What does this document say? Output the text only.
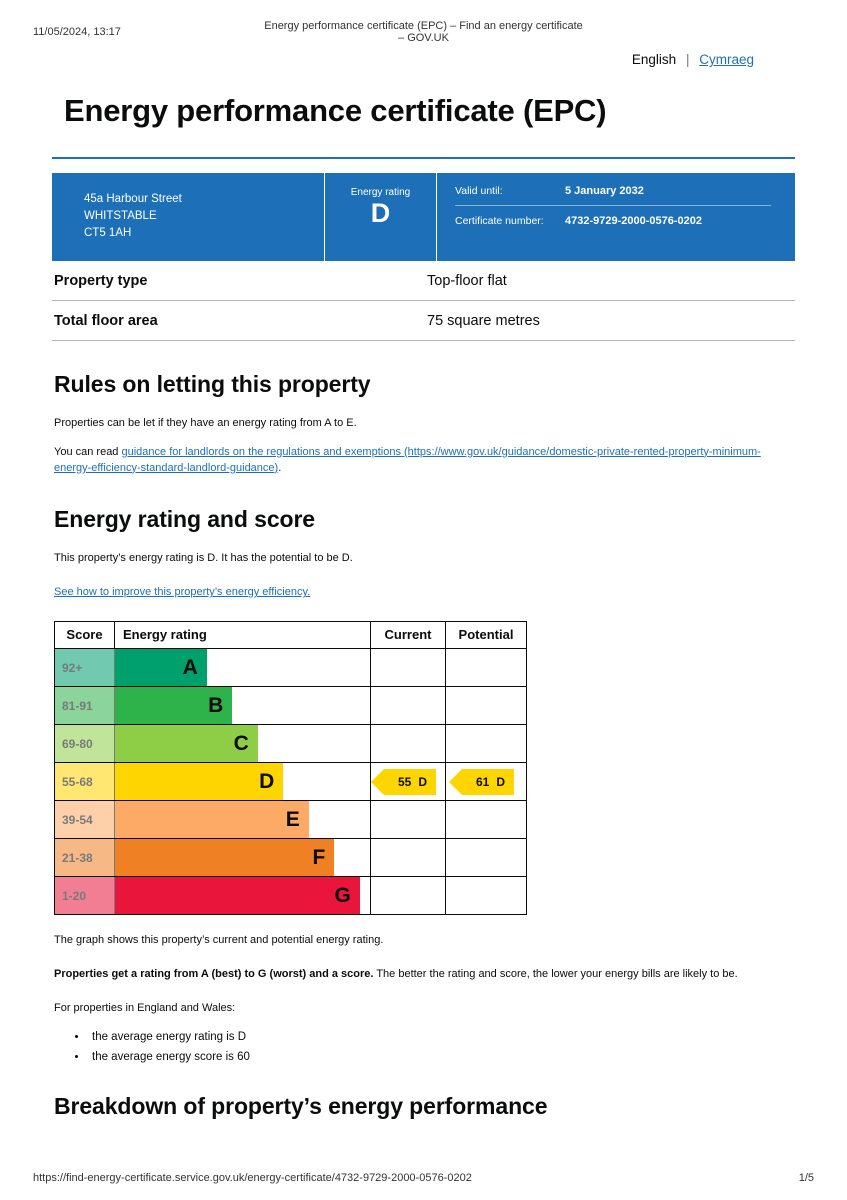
11/05/2024, 13:17	Energy performance certificate (EPC) – Find an energy certificate – GOV.UK
English | Cymraeg
Energy performance certificate (EPC)
45a Harbour Street
WHITSTABLE
CT5 1AH
Energy rating
D
Valid until:	5 January 2032
Certificate number:	4732-9729-2000-0576-0202
Property type	Top-floor flat
Total floor area	75 square metres
Rules on letting this property

Properties can be let if they have an energy rating from A to E.

You can read guidance for landlords on the regulations and exemptions (https://www.gov.uk/guidance/domestic-private-rented-property-minimum-energy-efficiency-standard-landlord-guidance).

Energy rating and score

This property’s energy rating is D. It has the potential to be D.

See how to improve this property’s energy efficiency.

Score	Energy rating	Current	Potential
92+	A
81-91	B
69-80	C
55-68	D	55 D	61 D
39-54	E
21-38	F
1-20	G

The graph shows this property’s current and potential energy rating.

Properties get a rating from A (best) to G (worst) and a score. The better the rating and score, the lower your energy bills are likely to be.

For properties in England and Wales:

• the average energy rating is D
• the average energy score is 60
Breakdown of property’s energy performance
https://find-energy-certificate.service.gov.uk/energy-certificate/4732-9729-2000-0576-0202	1/5
